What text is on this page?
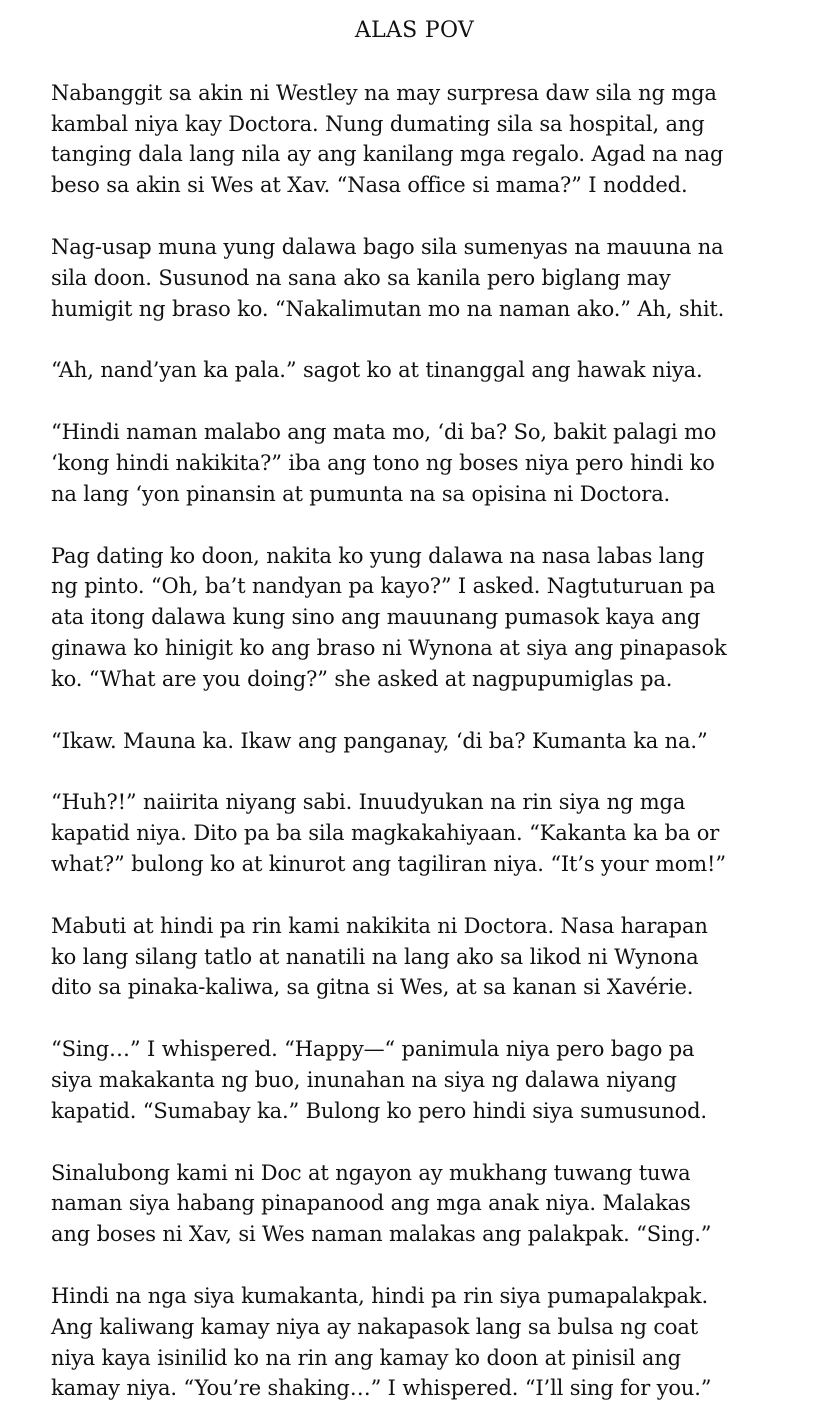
ALAS POV
Nabanggit sa akin ni Westley na may surpresa daw sila ng mga
kambal niya kay Doctora. Nung dumating sila sa hospital, ang
tanging dala lang nila ay ang kanilang mga regalo. Agad na nag
beso sa akin si Wes at Xav. “Nasa office si mama?” I nodded.
Nag-usap muna yung dalawa bago sila sumenyas na mauuna na
sila doon. Susunod na sana ako sa kanila pero biglang may
humigit ng braso ko. “Nakalimutan mo na naman ako.” Ah, shit.
“Ah, nand’yan ka pala.” sagot ko at tinanggal ang hawak niya.
“Hindi naman malabo ang mata mo, ‘di ba? So, bakit palagi mo
‘kong hindi nakikita?” iba ang tono ng boses niya pero hindi ko
na lang ‘yon pinansin at pumunta na sa opisina ni Doctora.
Pag dating ko doon, nakita ko yung dalawa na nasa labas lang
ng pinto. “Oh, ba’t nandyan pa kayo?” I asked. Nagtuturuan pa
ata itong dalawa kung sino ang mauunang pumasok kaya ang
ginawa ko hinigit ko ang braso ni Wynona at siya ang pinapasok
ko. “What are you doing?” she asked at nagpupumiglas pa.
“Ikaw. Mauna ka. Ikaw ang panganay, ‘di ba? Kumanta ka na.”
“Huh?!” naiirita niyang sabi. Inuudyukan na rin siya ng mga
kapatid niya. Dito pa ba sila magkakahiyaan. “Kakanta ka ba or
what?” bulong ko at kinurot ang tagiliran niya. “It’s your mom!”
Mabuti at hindi pa rin kami nakikita ni Doctora. Nasa harapan
ko lang silang tatlo at nanatili na lang ako sa likod ni Wynona
dito sa pinaka-kaliwa, sa gitna si Wes, at sa kanan si Xavérie.
“Sing…” I whispered. “Happy—“ panimula niya pero bago pa
siya makakanta ng buo, inunahan na siya ng dalawa niyang
kapatid. “Sumabay ka.” Bulong ko pero hindi siya sumusunod.
Sinalubong kami ni Doc at ngayon ay mukhang tuwang tuwa
naman siya habang pinapanood ang mga anak niya. Malakas
ang boses ni Xav, si Wes naman malakas ang palakpak. “Sing.”
Hindi na nga siya kumakanta, hindi pa rin siya pumapalakpak.
Ang kaliwang kamay niya ay nakapasok lang sa bulsa ng coat
niya kaya isinilid ko na rin ang kamay ko doon at pinisil ang
kamay niya. “You’re shaking…” I whispered. “I’ll sing for you.”
